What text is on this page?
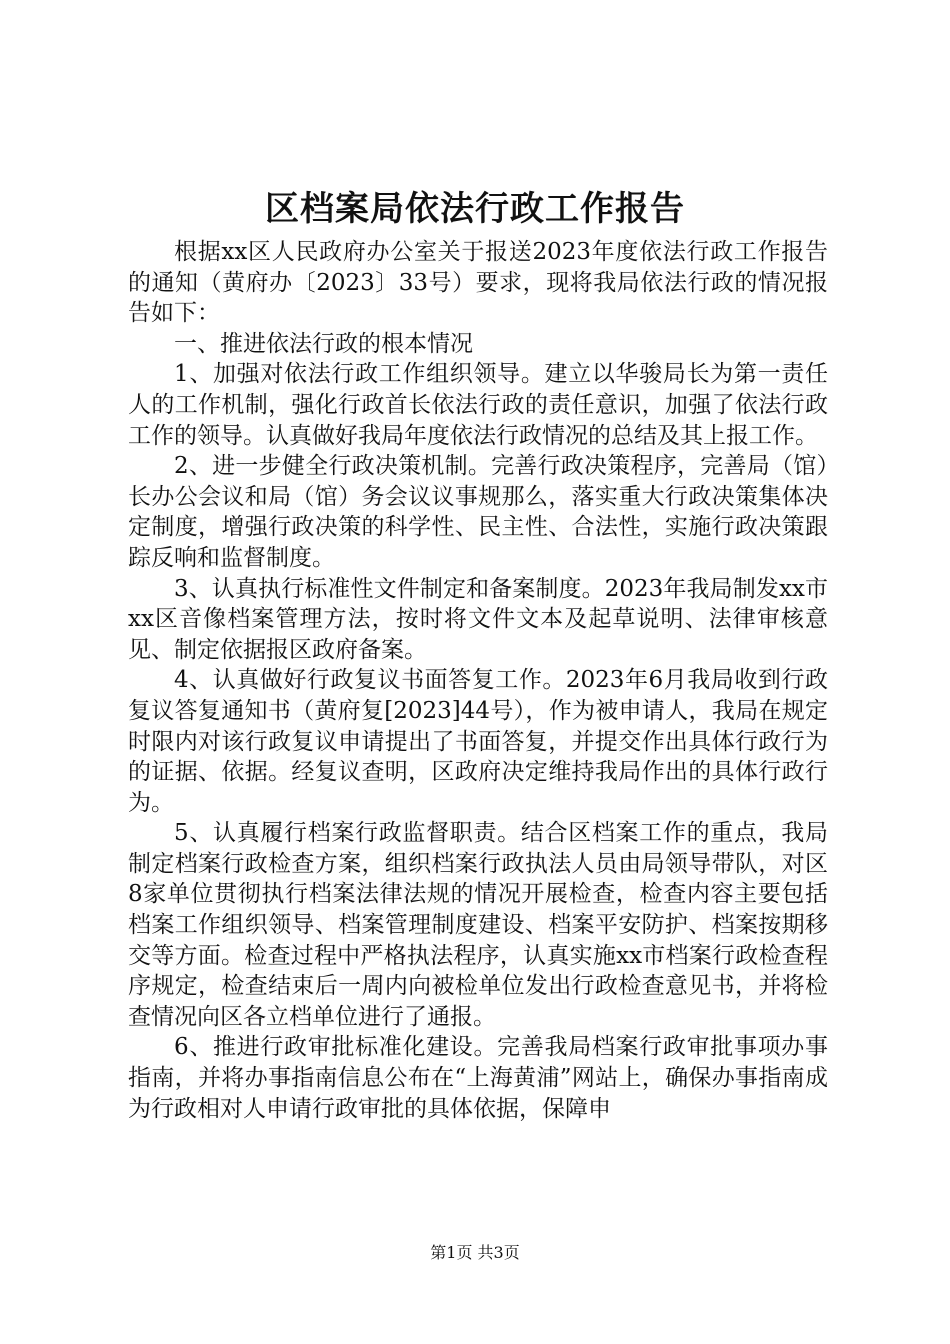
区档案局依法行政工作报告

根据xx区人民政府办公室关于报送2023年度依法行政工作报告的通知（黄府办〔2023〕33号）要求，现将我局依法行政的情况报告如下：

一、推进依法行政的根本情况

1、加强对依法行政工作组织领导。建立以华骏局长为第一责任人的工作机制，强化行政首长依法行政的责任意识，加强了依法行政工作的领导。认真做好我局年度依法行政情况的总结及其上报工作。

2、进一步健全行政决策机制。完善行政决策程序，完善局（馆）长办公会议和局（馆）务会议议事规那么，落实重大行政决策集体决定制度，增强行政决策的科学性、民主性、合法性，实施行政决策跟踪反响和监督制度。

3、认真执行标准性文件制定和备案制度。2023年我局制发xx市xx区音像档案管理方法，按时将文件文本及起草说明、法律审核意见、制定依据报区政府备案。

4、认真做好行政复议书面答复工作。2023年6月我局收到行政复议答复通知书（黄府复[2023]44号），作为被申请人，我局在规定时限内对该行政复议申请提出了书面答复，并提交作出具体行政行为的证据、依据。经复议查明，区政府决定维持我局作出的具体行政行为。

5、认真履行档案行政监督职责。结合区档案工作的重点，我局制定档案行政检查方案，组织档案行政执法人员由局领导带队，对区8家单位贯彻执行档案法律法规的情况开展检查，检查内容主要包括档案工作组织领导、档案管理制度建设、档案平安防护、档案按期移交等方面。检查过程中严格执法程序，认真实施xx市档案行政检查程序规定，检查结束后一周内向被检单位发出行政检查意见书，并将检查情况向区各立档单位进行了通报。

6、推进行政审批标准化建设。完善我局档案行政审批事项办事指南，并将办事指南信息公布在“上海黄浦”网站上，确保办事指南成为行政相对人申请行政审批的具体依据，保障申

第1页 共3页
